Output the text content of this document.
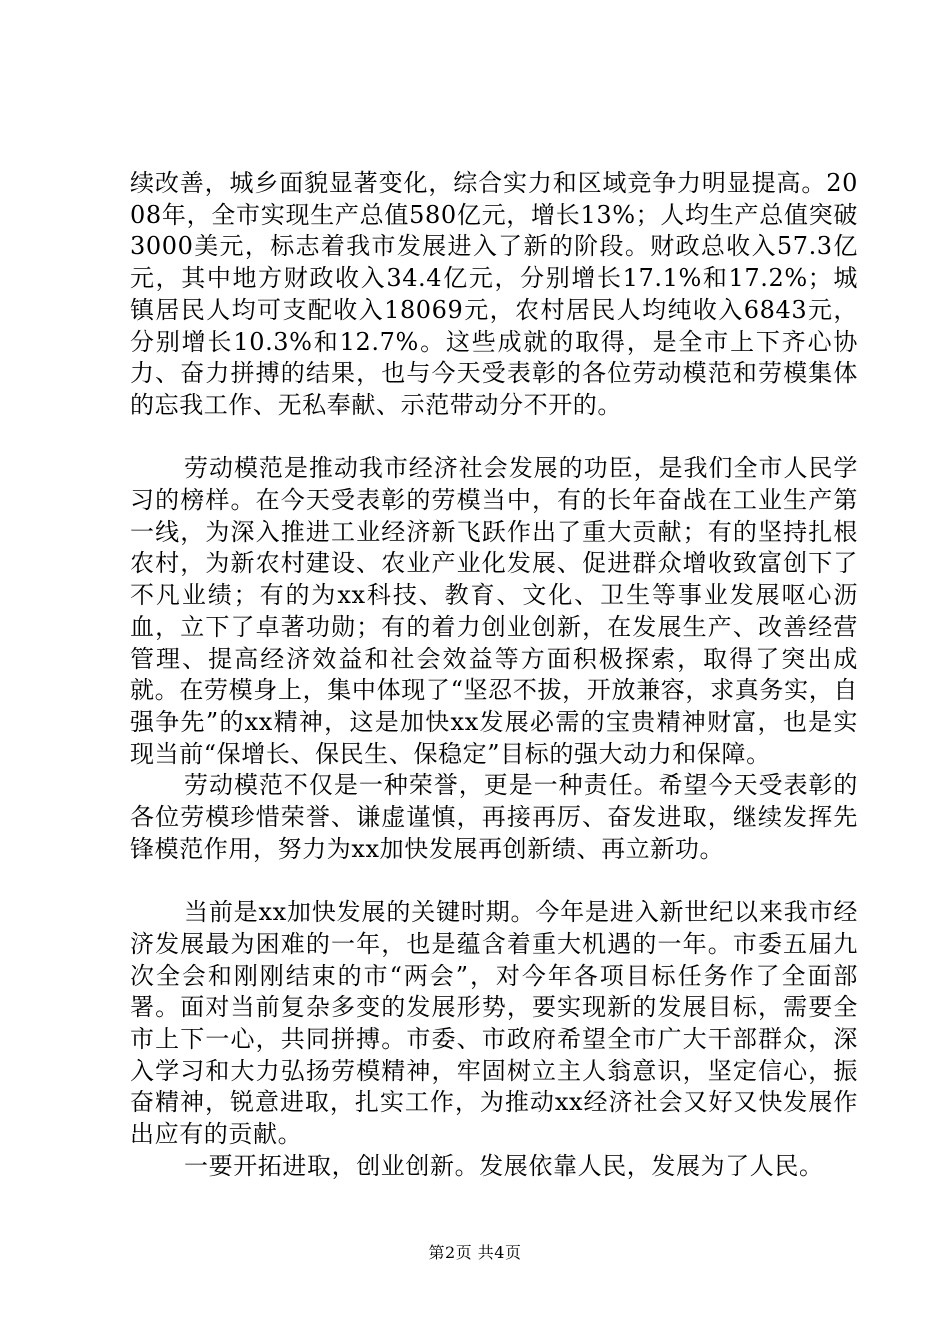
续改善，城乡面貌显著变化，综合实力和区域竞争力明显提高。2008年，全市实现生产总值580亿元，增长13%；人均生产总值突破3000美元，标志着我市发展进入了新的阶段。财政总收入57.3亿元，其中地方财政收入34.4亿元，分别增长17.1%和17.2%；城镇居民人均可支配收入18069元，农村居民人均纯收入6843元，分别增长10.3%和12.7%。这些成就的取得，是全市上下齐心协力、奋力拼搏的结果，也与今天受表彰的各位劳动模范和劳模集体的忘我工作、无私奉献、示范带动分不开的。

劳动模范是推动我市经济社会发展的功臣，是我们全市人民学习的榜样。在今天受表彰的劳模当中，有的长年奋战在工业生产第一线，为深入推进工业经济新飞跃作出了重大贡献；有的坚持扎根农村，为新农村建设、农业产业化发展、促进群众增收致富创下了不凡业绩；有的为xx科技、教育、文化、卫生等事业发展呕心沥血，立下了卓著功勋；有的着力创业创新，在发展生产、改善经营管理、提高经济效益和社会效益等方面积极探索，取得了突出成就。在劳模身上，集中体现了“坚忍不拔，开放兼容，求真务实，自强争先”的xx精神，这是加快xx发展必需的宝贵精神财富，也是实现当前“保增长、保民生、保稳定”目标的强大动力和保障。

劳动模范不仅是一种荣誉，更是一种责任。希望今天受表彰的各位劳模珍惜荣誉、谦虚谨慎，再接再厉、奋发进取，继续发挥先锋模范作用，努力为xx加快发展再创新绩、再立新功。

当前是xx加快发展的关键时期。今年是进入新世纪以来我市经济发展最为困难的一年，也是蕴含着重大机遇的一年。市委五届九次全会和刚刚结束的市“两会”，对今年各项目标任务作了全面部署。面对当前复杂多变的发展形势，要实现新的发展目标，需要全市上下一心，共同拼搏。市委、市政府希望全市广大干部群众，深入学习和大力弘扬劳模精神，牢固树立主人翁意识，坚定信心，振奋精神，锐意进取，扎实工作，为推动xx经济社会又好又快发展作出应有的贡献。

一要开拓进取，创业创新。发展依靠人民，发展为了人民。

第2页 共4页
